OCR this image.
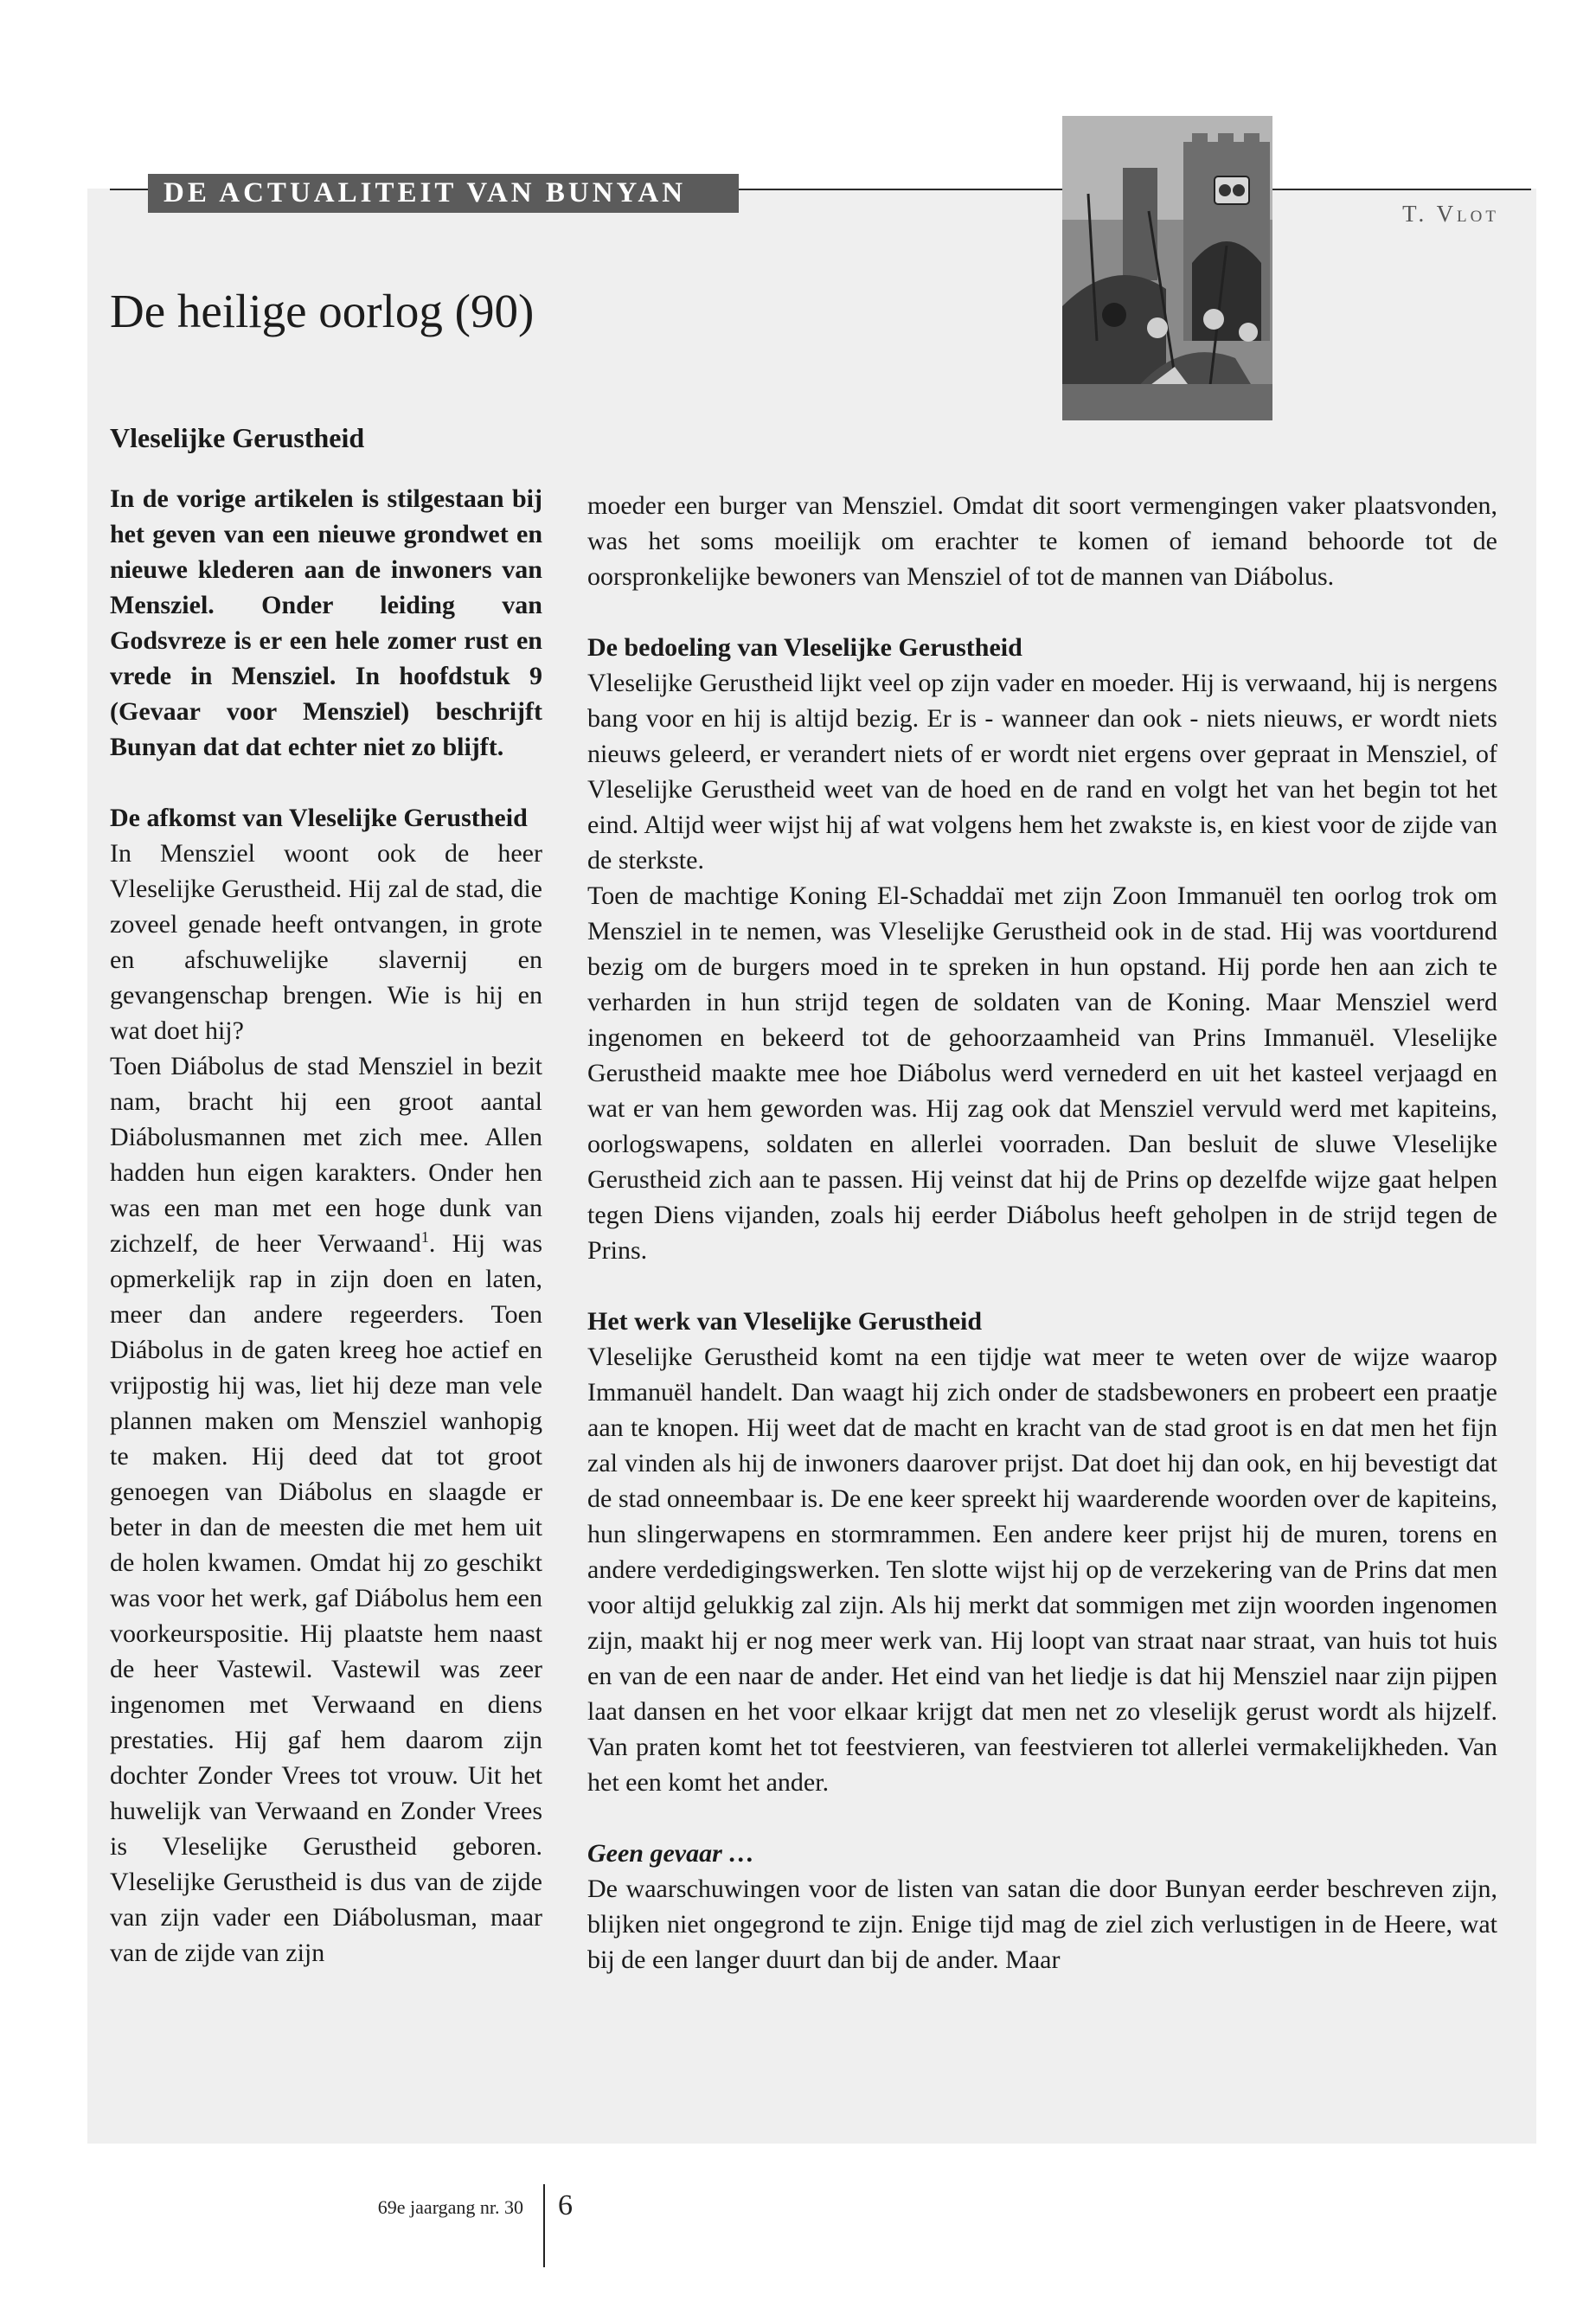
DE ACTUALITEIT VAN BUNYAN
T. Vlot
De heilige oorlog (90)
Vleselijke Gerustheid

In de vorige artikelen is stilgestaan bij het geven van een nieuwe grondwet en nieuwe klederen aan de inwoners van Mensziel. Onder leiding van Godsvreze is er een hele zomer rust en vrede in Mensziel. In hoofdstuk 9 (Gevaar voor Mensziel) beschrijft Bunyan dat dat echter niet zo blijft.

De afkomst van Vleselijke Gerustheid

In Mensziel woont ook de heer Vleselijke Gerustheid. Hij zal de stad, die zoveel genade heeft ontvangen, in grote en afschuwelijke slavernij en gevangenschap brengen. Wie is hij en wat doet hij?

Toen Diábolus de stad Mensziel in bezit nam, bracht hij een groot aantal Diábolusmannen met zich mee. Allen hadden hun eigen karakters. Onder hen was een man met een hoge dunk van zichzelf, de heer Verwaand$^1$. Hij was opmerkelijk rap in zijn doen en laten, meer dan andere regeerders. Toen Diábolus in de gaten kreeg hoe actief en vrijpostig hij was, liet hij deze man vele plannen maken om Mensziel wanhopig te maken. Hij deed dat tot groot genoegen van Diábolus en slaagde er beter in dan de meesten die met hem uit de holen kwamen. Omdat hij zo geschikt was voor het werk, gaf Diábolus hem een voorkeurspositie. Hij plaatste hem naast de heer Vastewil. Vastewil was zeer ingenomen met Verwaand en diens prestaties. Hij gaf hem daarom zijn dochter Zonder Vrees tot vrouw. Uit het huwelijk van Verwaand en Zonder Vrees is Vleselijke Gerustheid geboren. Vleselijke Gerustheid is dus van de zijde van zijn vader een Diábolusman, maar van de zijde van zijn

moeder een burger van Mensziel. Omdat dit soort vermengingen vaker plaatsvonden, was het soms moeilijk om erachter te komen of iemand behoorde tot de oorspronkelijke bewoners van Mensziel of tot de mannen van Diábolus.

De bedoeling van Vleselijke Gerustheid

Vleselijke Gerustheid lijkt veel op zijn vader en moeder. Hij is verwaand, hij is nergens bang voor en hij is altijd bezig. Er is - wanneer dan ook - niets nieuws, er wordt niets nieuws geleerd, er verandert niets of er wordt niet ergens over gepraat in Mensziel, of Vleselijke Gerustheid weet van de hoed en de rand en volgt het van het begin tot het eind. Altijd weer wijst hij af wat volgens hem het zwakste is, en kiest voor de zijde van de sterkste.

Toen de machtige Koning El-Schaddaï met zijn Zoon Immanuël ten oorlog trok om Mensziel in te nemen, was Vleselijke Gerustheid ook in de stad. Hij was voortdurend bezig om de burgers moed in te spreken in hun opstand. Hij porde hen aan zich te verharden in hun strijd tegen de soldaten van de Koning. Maar Mensziel werd ingenomen en bekeerd tot de gehoorzaamheid van Prins Immanuël. Vleselijke Gerustheid maakte mee hoe Diábolus werd vernederd en uit het kasteel verjaagd en wat er van hem geworden was. Hij zag ook dat Mensziel vervuld werd met kapiteins, oorlogswapens, soldaten en allerlei voorraden. Dan besluit de sluwe Vleselijke Gerustheid zich aan te passen. Hij veinst dat hij de Prins op dezelfde wijze gaat helpen tegen Diens vijanden, zoals hij eerder Diábolus heeft geholpen in de strijd tegen de Prins.

Het werk van Vleselijke Gerustheid

Vleselijke Gerustheid komt na een tijdje wat meer te weten over de wijze waarop Immanuël handelt. Dan waagt hij zich onder de stadsbewoners en probeert een praatje aan te knopen. Hij weet dat de macht en kracht van de stad groot is en dat men het fijn zal vinden als hij de inwoners daarover prijst. Dat doet hij dan ook, en hij bevestigt dat de stad onneembaar is. De ene keer spreekt hij waarderende woorden over de kapiteins, hun slingerwapens en stormrammen. Een andere keer prijst hij de muren, torens en andere verdedigingswerken. Ten slotte wijst hij op de verzekering van de Prins dat men voor altijd gelukkig zal zijn. Als hij merkt dat sommigen met zijn woorden ingenomen zijn, maakt hij er nog meer werk van. Hij loopt van straat naar straat, van huis tot huis en van de een naar de ander. Het eind van het liedje is dat hij Mensziel naar zijn pijpen laat dansen en het voor elkaar krijgt dat men net zo vleselijk gerust wordt als hijzelf. Van praten komt het tot feestvieren, van feestvieren tot allerlei vermakelijkheden. Van het een komt het ander.

Geen gevaar …

De waarschuwingen voor de listen van satan die door Bunyan eerder beschreven zijn, blijken niet ongegrond te zijn. Enige tijd mag de ziel zich verlustigen in de Heere, wat bij de een langer duurt dan bij de ander. Maar

69e jaargang nr. 30 6
